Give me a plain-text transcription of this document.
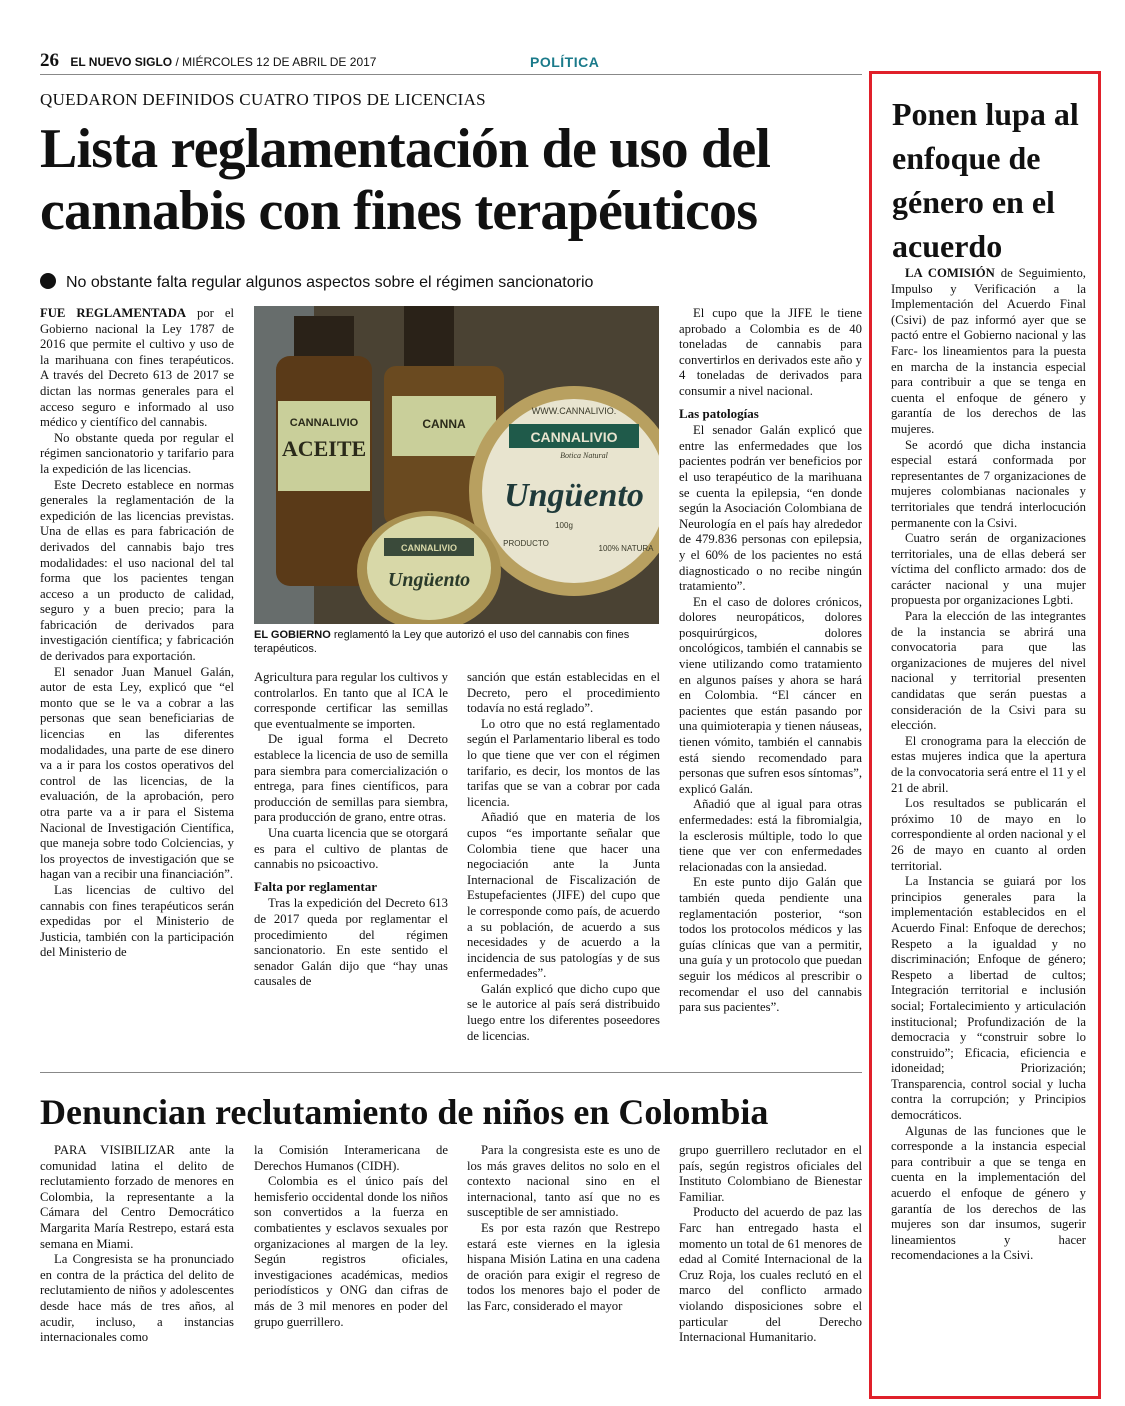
26 EL NUEVO SIGLO / MIÉRCOLES 12 DE ABRIL DE 2017	POLÍTICA
QUEDARON DEFINIDOS CUATRO TIPOS DE LICENCIAS
Lista reglamentación de uso del cannabis con fines terapéuticos
No obstante falta regular algunos aspectos sobre el régimen sancionatorio

FUE REGLAMENTADA por el Gobierno nacional la Ley 1787 de 2016 que permite el cultivo y uso de la marihuana con fines terapéuticos. A través del Decreto 613 de 2017 se dictan las normas generales para el acceso seguro e informado al uso médico y científico del cannabis.

No obstante queda por regular el régimen sancionatorio y tarifario para la expedición de las licencias.

Este Decreto establece en normas generales la reglamentación de la expedición de las licencias previstas. Una de ellas es para fabricación de derivados del cannabis bajo tres modalidades: el uso nacional del tal forma que los pacientes tengan acceso a un producto de calidad, seguro y a buen precio; para la fabricación de derivados para investigación científica; y fabricación de derivados para exportación.

El senador Juan Manuel Galán, autor de esta Ley, explicó que “el monto que se le va a cobrar a las personas que sean beneficiarias de licencias en las diferentes modalidades, una parte de ese dinero va a ir para los costos operativos del control de las licencias, de la evaluación, de la aprobación, pero otra parte va a ir para el Sistema Nacional de Investigación Científica, que maneja sobre todo Colciencias, y los proyectos de investigación que se hagan van a recibir una financiación”.

Las licencias de cultivo del cannabis con fines terapéuticos serán expedidas por el Ministerio de Justicia, también con la participación del Ministerio de

CANNALIVIO
ACEITE
CANNA
WWW.CANNALIVIO.
CANNALIVIO
Botica Natural
Ungüento
100g
PRODUCTO
100% NATURA
CANNALIVIO
Ungüento
EL GOBIERNO reglamentó la Ley que autorizó el uso del cannabis con fines terapéuticos.

Agricultura para regular los cultivos y controlarlos. En tanto que al ICA le corresponde certificar las semillas que eventualmente se importen.

De igual forma el Decreto establece la licencia de uso de semilla para siembra para comercialización o entrega, para fines científicos, para producción de semillas para siembra, para producción de grano, entre otras.

Una cuarta licencia que se otorgará es para el cultivo de plantas de cannabis no psicoactivo.

Falta por reglamentar

Tras la expedición del Decreto 613 de 2017 queda por reglamentar el procedimiento del régimen sancionatorio. En este sentido el senador Galán dijo que “hay unas causales de

sanción que están establecidas en el Decreto, pero el procedimiento todavía no está reglado”.

Lo otro que no está reglamentado según el Parlamentario liberal es todo lo que tiene que ver con el régimen tarifario, es decir, los montos de las tarifas que se van a cobrar por cada licencia.

Añadió que en materia de los cupos “es importante señalar que Colombia tiene que hacer una negociación ante la Junta Internacional de Fiscalización de Estupefacientes (JIFE) del cupo que le corresponde como país, de acuerdo a su población, de acuerdo a sus necesidades y de acuerdo a la incidencia de sus patologías y de sus enfermedades”.

Galán explicó que dicho cupo que se le autorice al país será distribuido luego entre los diferentes poseedores de licencias.

El cupo que la JIFE le tiene aprobado a Colombia es de 40 toneladas de cannabis para convertirlos en derivados este año y 4 toneladas de derivados para consumir a nivel nacional.

Las patologías

El senador Galán explicó que entre las enfermedades que los pacientes podrán ver beneficios por el uso terapéutico de la marihuana se cuenta la epilepsia, “en donde según la Asociación Colombiana de Neurología en el país hay alrededor de 479.836 personas con epilepsia, y el 60% de los pacientes no está diagnosticado o no recibe ningún tratamiento”.

En el caso de dolores crónicos, dolores neuropáticos, dolores posquirúrgicos, dolores oncológicos, también el cannabis se viene utilizando como tratamiento en algunos países y ahora se hará en Colombia. “El cáncer en pacientes que están pasando por una quimioterapia y tienen náuseas, tienen vómito, también el cannabis está siendo recomendado para personas que sufren esos síntomas”, explicó Galán.

Añadió que al igual para otras enfermedades: está la fibromialgia, la esclerosis múltiple, todo lo que tiene que ver con enfermedades relacionadas con la ansiedad.

En este punto dijo Galán que también queda pendiente una reglamentación posterior, “son todos los protocolos médicos y las guías clínicas que van a permitir, una guía y un protocolo que puedan seguir los médicos al prescribir o recomendar el uso del cannabis para sus pacientes”.

Denuncian reclutamiento de niños en Colombia

PARA VISIBILIZAR ante la comunidad latina el delito de reclutamiento forzado de menores en Colombia, la representante a la Cámara del Centro Democrático Margarita María Restrepo, estará esta semana en Miami.

La Congresista se ha pronunciado en contra de la práctica del delito de reclutamiento de niños y adolescentes desde hace más de tres años, al acudir, incluso, a instancias internacionales como

la Comisión Interamericana de Derechos Humanos (CIDH).

Colombia es el único país del hemisferio occidental donde los niños son convertidos a la fuerza en combatientes y esclavos sexuales por organizaciones al margen de la ley. Según registros oficiales, investigaciones académicas, medios periodísticos y ONG dan cifras de más de 3 mil menores en poder del grupo guerrillero.

Para la congresista este es uno de los más graves delitos no solo en el contexto nacional sino en el internacional, tanto así que no es susceptible de ser amnistiado.

Es por esta razón que Restrepo estará este viernes en la iglesia hispana Misión Latina en una cadena de oración para exigir el regreso de todos los menores bajo el poder de las Farc, considerado el mayor

grupo guerrillero reclutador en el país, según registros oficiales del Instituto Colombiano de Bienestar Familiar.

Producto del acuerdo de paz las Farc han entregado hasta el momento un total de 61 menores de edad al Comité Internacional de la Cruz Roja, los cuales reclutó en el marco del conflicto armado violando disposiciones sobre el particular del Derecho Internacional Humanitario.

Ponen lupa al enfoque de género en el acuerdo

LA COMISIÓN de Seguimiento, Impulso y Verificación a la Implementación del Acuerdo Final (Csivi) de paz informó ayer que se pactó entre el Gobierno nacional y las Farc- los lineamientos para la puesta en marcha de la instancia especial para contribuir a que se tenga en cuenta el enfoque de género y garantía de los derechos de las mujeres.

Se acordó que dicha instancia especial estará conformada por representantes de 7 organizaciones de mujeres colombianas nacionales y territoriales que tendrá interlocución permanente con la Csivi.

Cuatro serán de organizaciones territoriales, una de ellas deberá ser víctima del conflicto armado: dos de carácter nacional y una mujer propuesta por organizaciones Lgbti.

Para la elección de las integrantes de la instancia se abrirá una convocatoria para que las organizaciones de mujeres del nivel nacional y territorial presenten candidatas que serán puestas a consideración de la Csivi para su elección.

El cronograma para la elección de estas mujeres indica que la apertura de la convocatoria será entre el 11 y el 21 de abril.

Los resultados se publicarán el próximo 10 de mayo en lo correspondiente al orden nacional y el 26 de mayo en cuanto al orden territorial.

La Instancia se guiará por los principios generales para la implementación establecidos en el Acuerdo Final: Enfoque de derechos; Respeto a la igualdad y no discriminación; Enfoque de género; Respeto a libertad de cultos; Integración territorial e inclusión social; Fortalecimiento y articulación institucional; Profundización de la democracia y “construir sobre lo construido”; Eficacia, eficiencia e idoneidad; Priorización; Transparencia, control social y lucha contra la corrupción; y Principios democráticos.

Algunas de las funciones que le corresponde a la instancia especial para contribuir a que se tenga en cuenta en la implementación del acuerdo el enfoque de género y garantía de los derechos de las mujeres son dar insumos, sugerir lineamientos y hacer recomendaciones a la Csivi.
